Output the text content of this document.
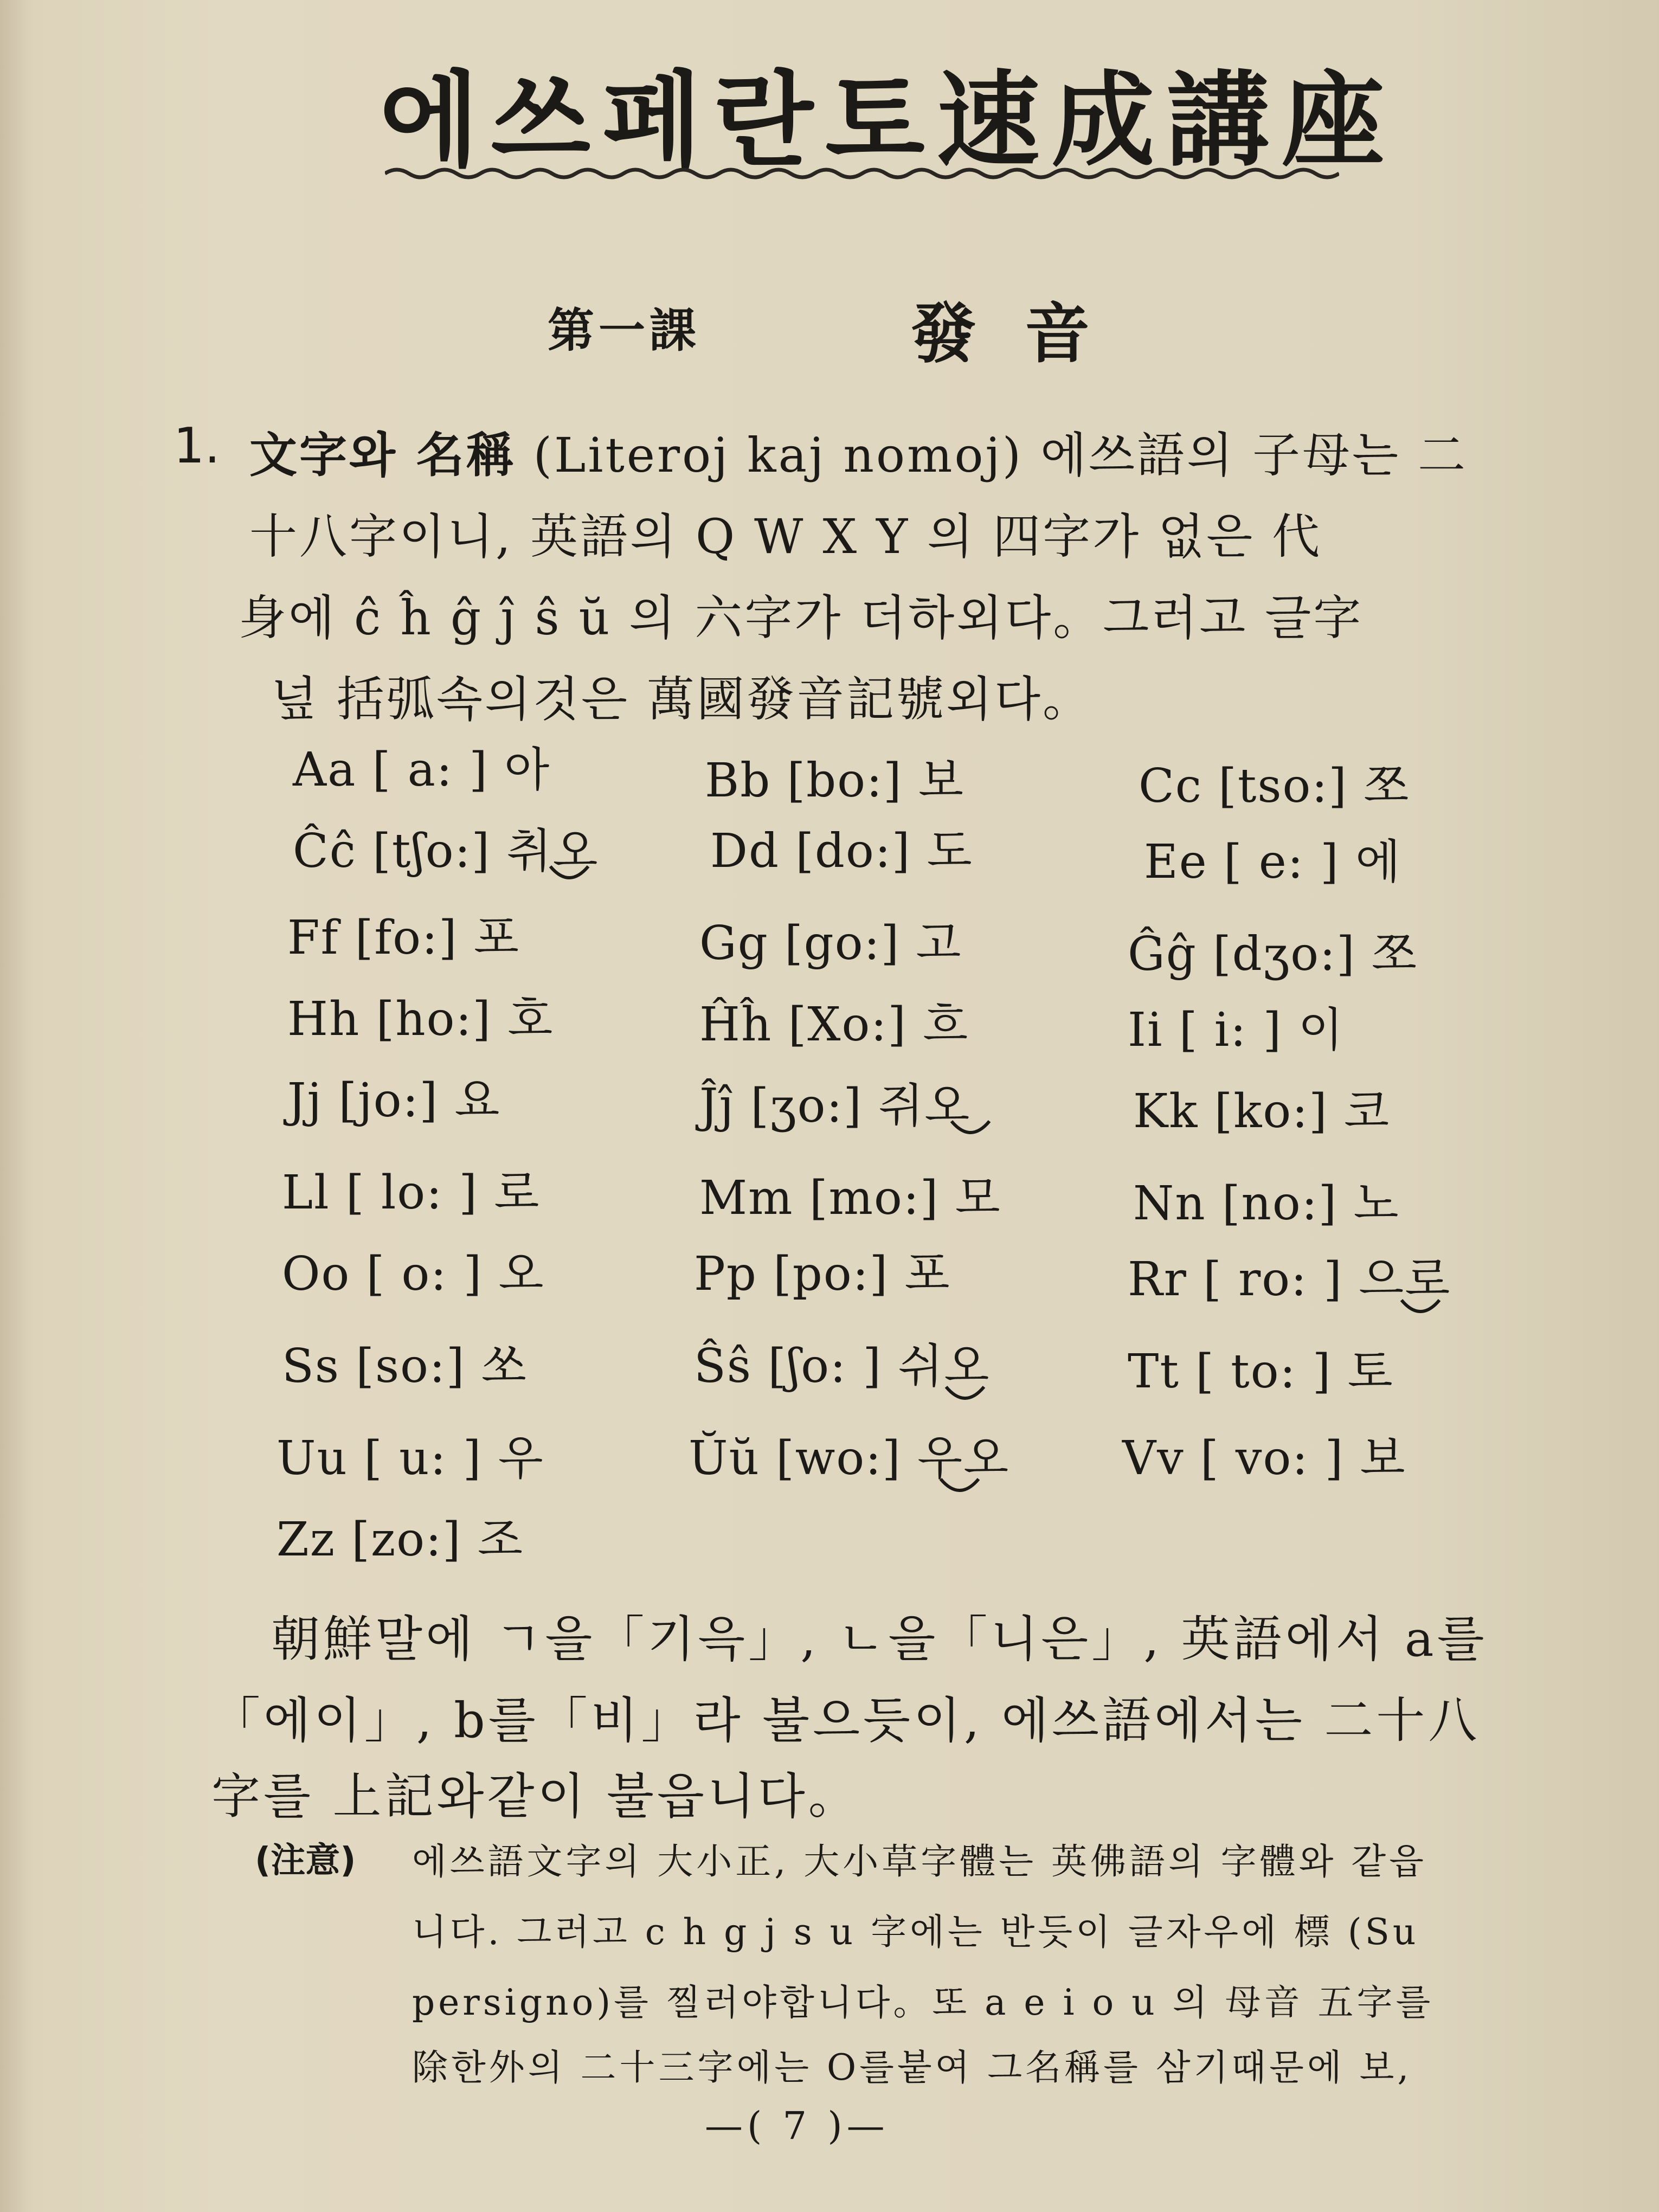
에쓰페란토速成講座
第一課	發音
1. 文字와 名稱 (Literoj kaj nomoj) 에쓰語의 子母는 二
十八字이니, 英語의 Q W X Y 의 四字가 없은 代
身에 ĉ ĥ ĝ ĵ ŝ ŭ 의 六字가 더하외다。그러고 글字
넢 括弧속의것은 萬國發音記號외다。
Aa [ a: ] 아	Bb [bo:] 보	Cc [tso:] 쪼
Ĉĉ [tʃo:] 취오 Dd [do:] 도	Ee [ e: ] 에
Ff [fo:] 포	Gg [go:] 고	Ĝĝ [dʒo:] 쪼
Hh [ho:] 호	Ĥĥ [Xo:] 흐	Ii [ i: ] 이
Jj [jo:] 요	Ĵĵ [ʒo:] 쥐오	Kk [ko:] 코
Ll [ lo: ] 로	Mm [mo:] 모	Nn [no:] 노
Oo [ o: ] 오	Pp [po:] 포	Rr [ ro: ] 으로
Ss [so:] 쏘	Ŝŝ [ʃo: ] 쉬오	Tt [ to: ] 토
Uu [ u: ] 우	Ŭŭ [wo:] 우오 Vv [ vo: ] 보
Zz [zo:] 조
朝鮮말에 ㄱ을「기윽」, ㄴ을「니은」, 英語에서 a를
「에이」, b를「비」라 불으듯이, 에쓰語에서는 二十八
字를 上記와같이 불읍니다。
(注意) 에쓰語文字의 大小正, 大小草字體는 英佛語의 字體와 같읍
니다. 그러고 c h g j s u 字에는 반듯이 글자우에 標 (Su
persigno)를 찔러야합니다。또 a e i o u 의 母音 五字를
除한外의 二十三字에는 O를붙여 그名稱를 삼기때문에 보,
—( 7 )—
